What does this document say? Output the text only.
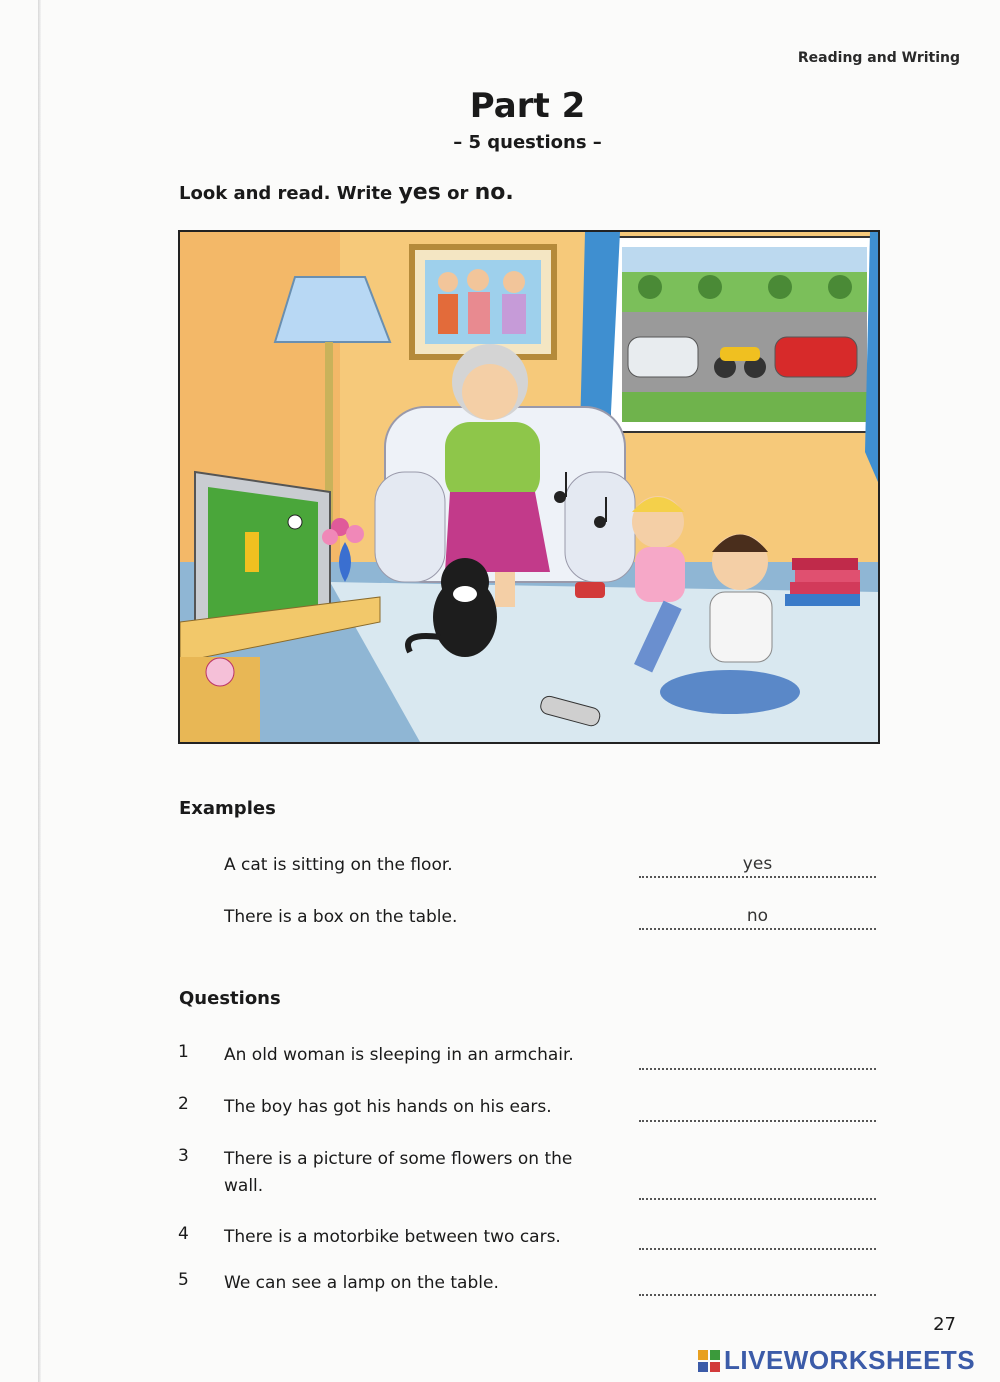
Reading and Writing
Part 2
– 5 questions –
Look and read. Write yes or no.
Examples
A cat is sitting on the floor.	yes
There is a box on the table.	no
Questions
1 An old woman is sleeping in an armchair.
2 The boy has got his hands on his ears.
3 There is a picture of some flowers on the wall.
4 There is a motorbike between two cars.
5 We can see a lamp on the table.
27
LIVEWORKSHEETS
